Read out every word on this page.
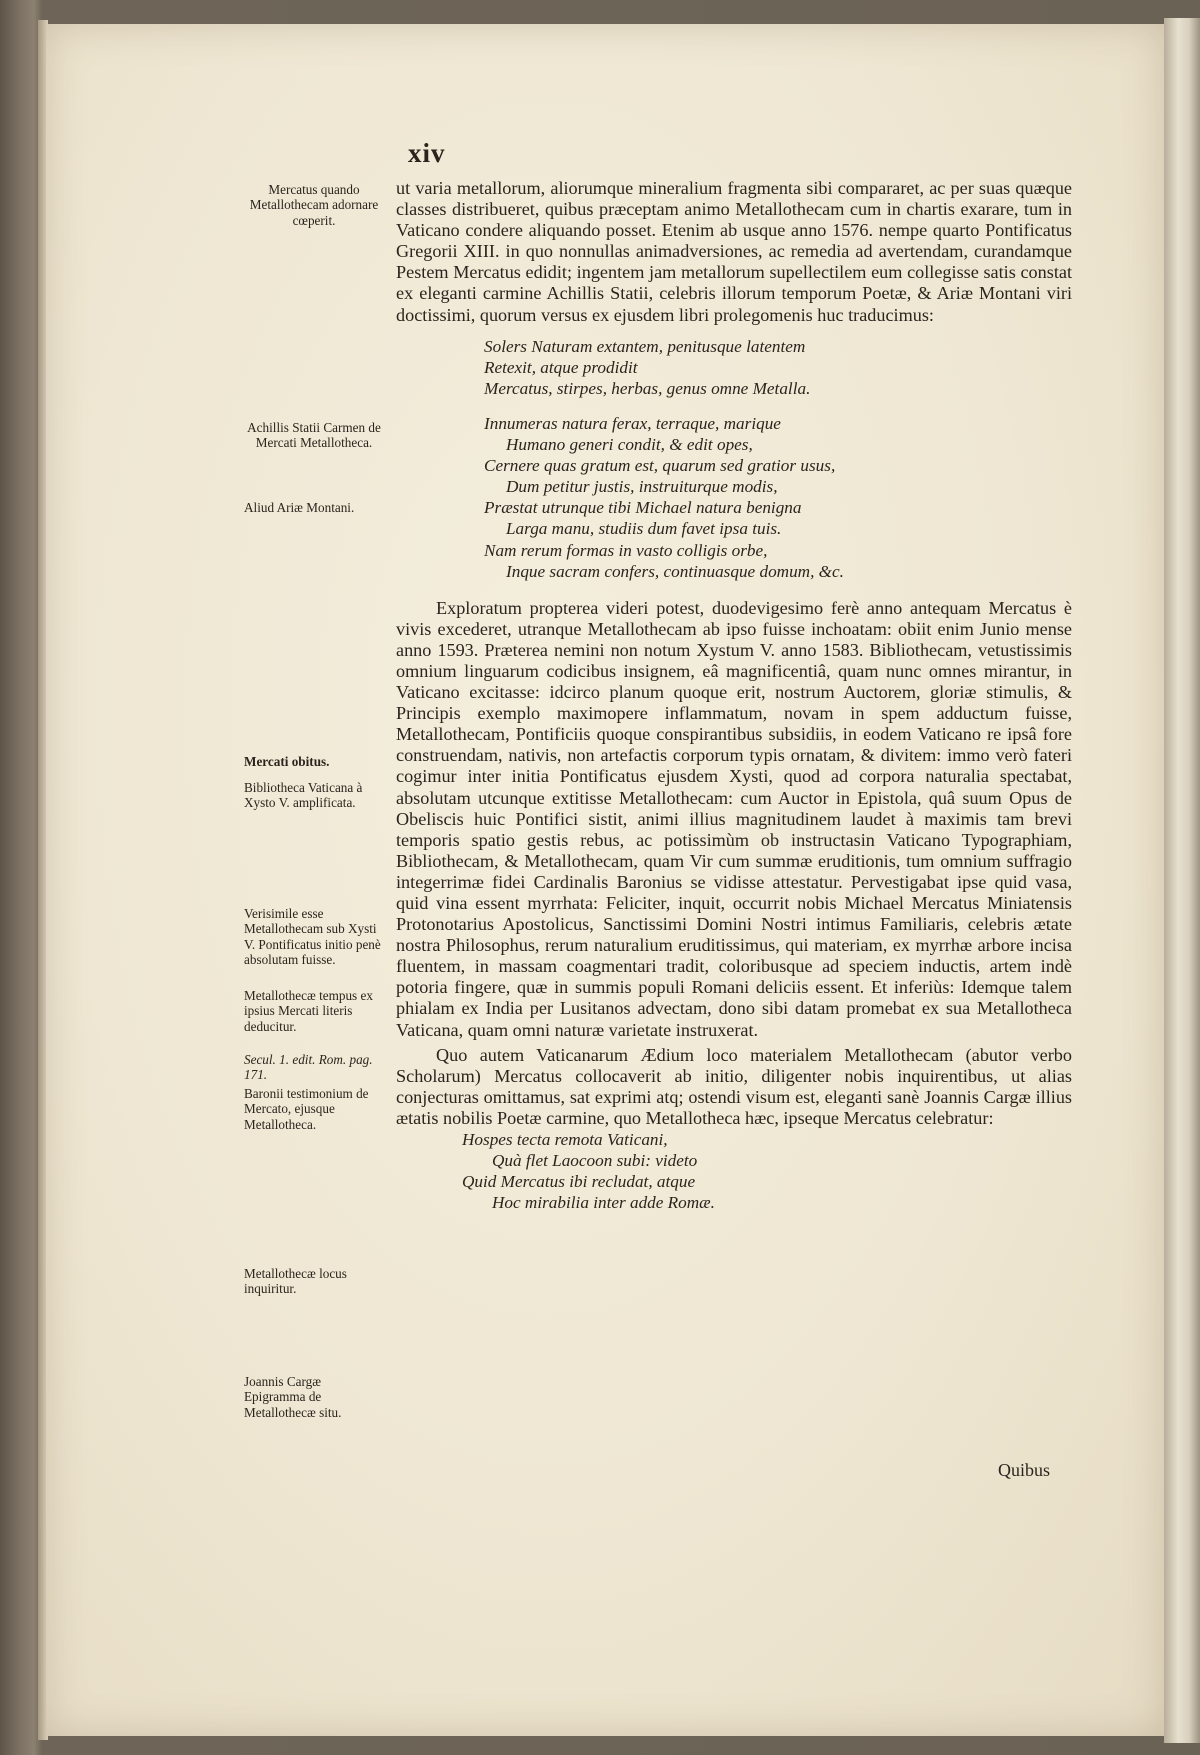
xiv
Mercatus quando Metallothecam adornare cœperit.
Achillis Statii Carmen de Mercati Metallotheca.
Aliud Ariæ Montani.
Mercati obitus.
Bibliotheca Vaticana à Xysto V. amplificata.
Verisimile esse Metallothecam sub Xysti V. Pontificatus initio penè absolutam fuisse.
Metallothecæ tempus ex ipsius Mercati literis deducitur.
Secul. 1. edit. Rom. pag. 171.
Baronii testimonium de Mercato, ejusque Metallotheca.
Metallothecæ locus inquiritur.
Joannis Cargæ Epigramma de Metallothecæ situ.

ut varia metallorum, aliorumque mineralium fragmenta sibi compararet, ac per suas quæque classes distribueret, quibus præceptam animo Metallothecam cum in chartis exarare, tum in Vaticano condere aliquando posset. Etenim ab usque anno 1576. nempe quarto Pontificatus Gregorii XIII. in quo nonnullas animadversiones, ac remedia ad avertendam, curandamque Pestem Mercatus edidit; ingentem jam metallorum supellectilem eum collegisse satis constat ex eleganti carmine Achillis Statii, celebris illorum temporum Poetæ, & Ariæ Montani viri doctissimi, quorum versus ex ejusdem libri prolegomenis huc traducimus:

Solers Naturam extantem, penitusque latentem
Retexit, atque prodidit
Mercatus, stirpes, herbas, genus omne Metalla.
Innumeras natura ferax, terraque, marique
Humano generi condit, & edit opes,
Cernere quas gratum est, quarum sed gratior usus,
Dum petitur justis, instruiturque modis,
Præstat utrunque tibi Michael natura benigna
Larga manu, studiis dum favet ipsa tuis.
Nam rerum formas in vasto colligis orbe,
Inque sacram confers, continuasque domum, &c.

Exploratum propterea videri potest, duodevigesimo ferè anno antequam Mercatus è vivis excederet, utranque Metallothecam ab ipso fuisse inchoatam: obiit enim Junio mense anno 1593. Præterea nemini non notum Xystum V. anno 1583. Bibliothecam, vetustissimis omnium linguarum codicibus insignem, eâ magnificentiâ, quam nunc omnes mirantur, in Vaticano excitasse: idcirco planum quoque erit, nostrum Auctorem, gloriæ stimulis, & Principis exemplo maximopere inflammatum, novam in spem adductum fuisse, Metallothecam, Pontificiis quoque conspirantibus subsidiis, in eodem Vaticano re ipsâ fore construendam, nativis, non artefactis corporum typis ornatam, & divitem: immo verò fateri cogimur inter initia Pontificatus ejusdem Xysti, quod ad corpora naturalia spectabat, absolutam utcunque extitisse Metallothecam: cum Auctor in Epistola, quâ suum Opus de Obeliscis huic Pontifici sistit, animi illius magnitudinem laudet à maximis tam brevi temporis spatio gestis rebus, ac potissimùm ob instructasin Vaticano Typographiam, Bibliothecam, & Metallothecam, quam Vir cum summæ eruditionis, tum omnium suffragio integerrimæ fidei Cardinalis Baronius se vidisse attestatur. Pervestigabat ipse quid vasa, quid vina essent myrrhata: Feliciter, inquit, occurrit nobis Michael Mercatus Miniatensis Protonotarius Apostolicus, Sanctissimi Domini Nostri intimus Familiaris, celebris ætate nostra Philosophus, rerum naturalium eruditissimus, qui materiam, ex myrrhæ arbore incisa fluentem, in massam coagmentari tradit, coloribusque ad speciem inductis, artem indè potoria fingere, quæ in summis populi Romani deliciis essent. Et inferiùs: Idemque talem phialam ex India per Lusitanos advectam, dono sibi datam promebat ex sua Metallotheca Vaticana, quam omni naturæ varietate instruxerat.

Quo autem Vaticanarum Ædium loco materialem Metallothecam (abutor verbo Scholarum) Mercatus collocaverit ab initio, diligenter nobis inquirentibus, ut alias conjecturas omittamus, sat exprimi atq; ostendi visum est, eleganti sanè Joannis Cargæ illius ætatis nobilis Poetæ carmine, quo Metallotheca hæc, ipseque Mercatus celebratur:

Hospes tecta remota Vaticani,
Quà flet Laocoon subi: videto
Quid Mercatus ibi recludat, atque
Hoc mirabilia inter adde Romæ.
Quibus
